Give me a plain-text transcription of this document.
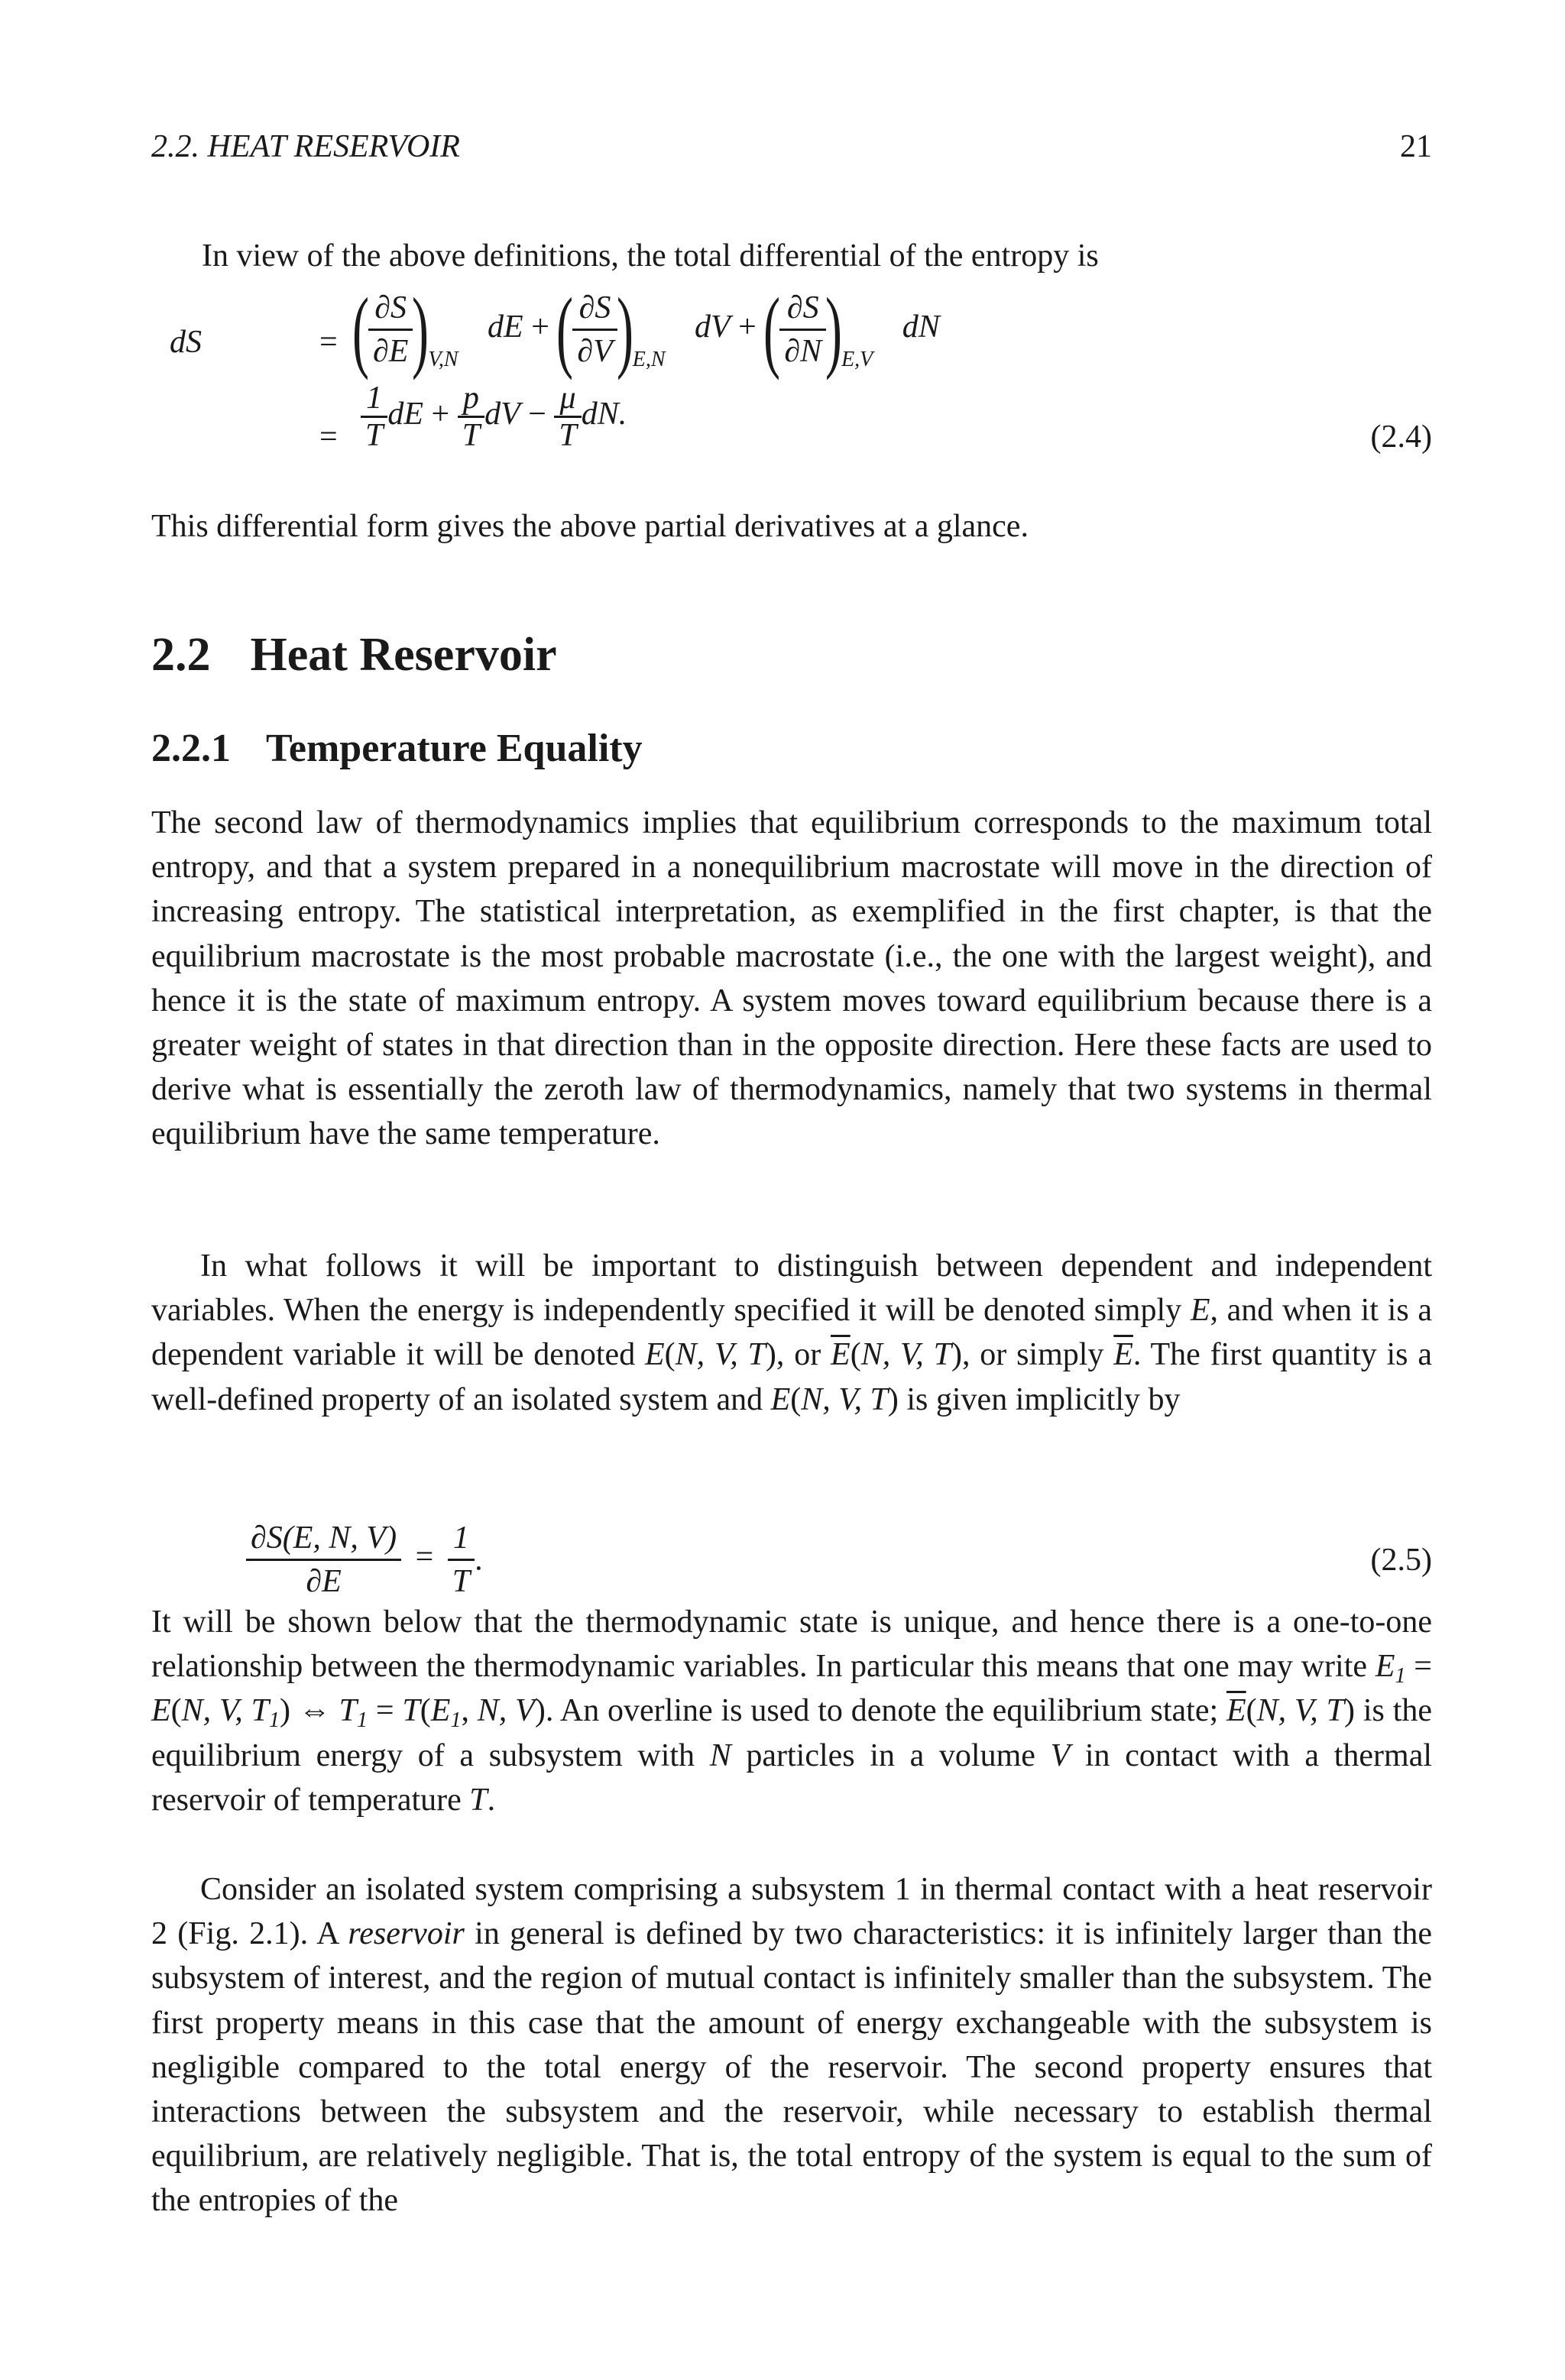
2.2. HEAT RESERVOIR	21

In view of the above definitions, the total differential of the entropy is

dS	= (
$\frac{\partial S}{\partial E}$
)$_{V,N}$ dE + (
$\frac{\partial S}{\partial V}$
)$_{E,N}$ dV + (
$\frac{\partial S}{\partial N}$
)$_{E,V}$ dN
= $\frac{1}{T}$ dE + $\frac{p}{T}$ dV − $\frac{\mu}{T}$ dN.
(2.4)

This differential form gives the above partial derivatives at a glance.

2.2 Heat Reservoir
2.2.1 Temperature Equality

The second law of thermodynamics implies that equilibrium corresponds to the maximum total entropy, and that a system prepared in a nonequilibrium macrostate will move in the direction of increasing entropy. The statistical interpretation, as exemplified in the first chapter, is that the equilibrium macrostate is the most probable macrostate (i.e., the one with the largest weight), and hence it is the state of maximum entropy. A system moves toward equilibrium because there is a greater weight of states in that direction than in the opposite direction. Here these facts are used to derive what is essentially the zeroth law of thermodynamics, namely that two systems in thermal equilibrium have the same temperature.

In what follows it will be important to distinguish between dependent and independent variables. When the energy is independently specified it will be denoted simply E, and when it is a dependent variable it will be denoted E(N, V, T), or $\overline{E}(N$, V, T), or simply $\overline{E}$. The first quantity is a well-defined property of an isolated system and E(N, V, T) is given implicitly by

$\frac{\partial S(E, N, V)}{\partial E} = \frac{1}{T}$ .	(2.5)

It will be shown below that the thermodynamic state is unique, and hence there is a one-to-one relationship between the thermodynamic variables. In particular this means that one may write $E_1 = E(N$, V, $T_1$) ⇔ $T_1 = T(E_1$, N, V). An overline is used to denote the equilibrium state; $\overline{E}(N$, V, T) is the equilibrium energy of a subsystem with N particles in a volume V in contact with a thermal reservoir of temperature T.

Consider an isolated system comprising a subsystem 1 in thermal contact with a heat reservoir 2 (Fig. 2.1). A reservoir in general is defined by two characteristics: it is infinitely larger than the subsystem of interest, and the region of mutual contact is infinitely smaller than the subsystem. The first property means in this case that the amount of energy exchangeable with the subsystem is negligible compared to the total energy of the reservoir. The second property ensures that interactions between the subsystem and the reservoir, while necessary to establish thermal equilibrium, are relatively negligible. That is, the total entropy of the system is equal to the sum of the entropies of the
